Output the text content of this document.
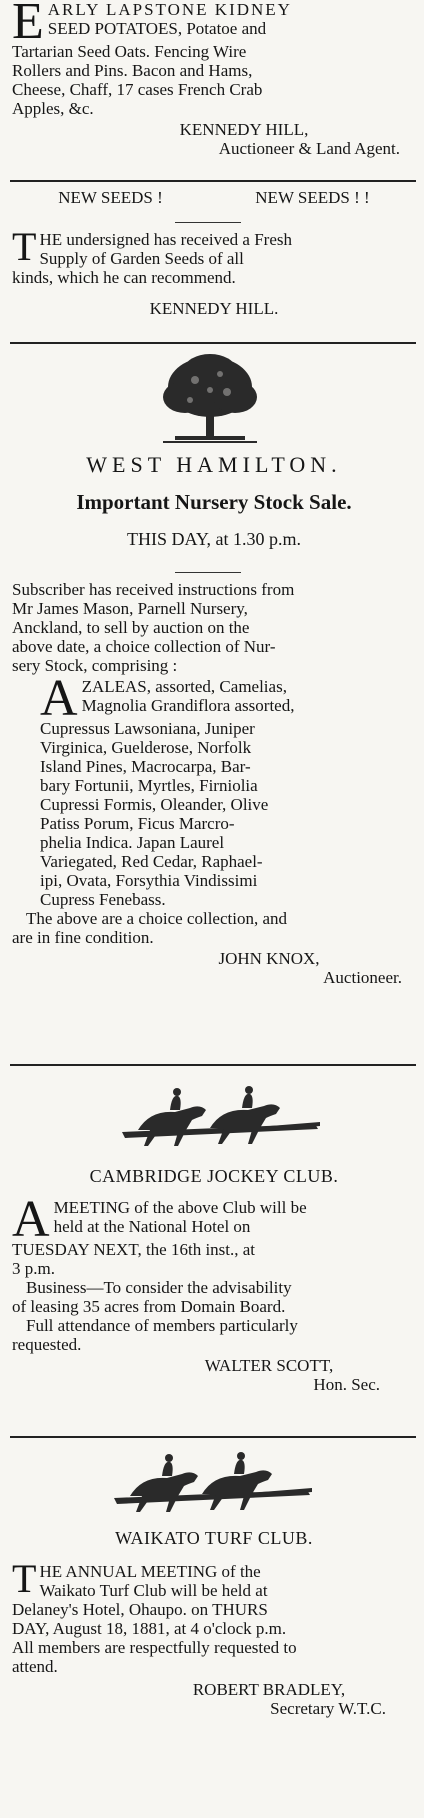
E ARLY LAPSTONE KIDNEY

SEED POTATOES, Potatoe and

Tartarian Seed Oats. Fencing Wire

Rollers and Pins. Bacon and Hams,

Cheese, Chaff, 17 cases French Crab

Apples, &c.

KENNEDY HILL,

Auctioneer & Land Agent.

NEW SEEDS !	NEW SEEDS ! !
T HE undersigned has received a Fresh

Supply of Garden Seeds of all

kinds, which he can recommend.

KENNEDY HILL.

WEST HAMILTON.

Important Nursery Stock Sale.

THIS DAY, at 1.30 p.m.

Subscriber has received instructions from

Mr James Mason, Parnell Nursery,

Anckland, to sell by auction on the

above date, a choice collection of Nur-

sery Stock, comprising :

A ZALEAS, assorted, Camelias,

Magnolia Grandiflora assorted,

Cupressus Lawsoniana, Juniper

Virginica, Guelderose, Norfolk

Island Pines, Macrocarpa, Bar-

bary Fortunii, Myrtles, Firniolia

Cupressi Formis, Oleander, Olive

Patiss Porum, Ficus Marcro-

phelia Indica. Japan Laurel

Variegated, Red Cedar, Raphael-

ipi, Ovata, Forsythia Vindissimi

Cupress Fenebass.

The above are a choice collection, and

are in fine condition.

JOHN KNOX,

Auctioneer.

CAMBRIDGE JOCKEY CLUB.

A MEETING of the above Club will be

held at the National Hotel on

TUESDAY NEXT, the 16th inst., at

3 p.m.

Business—To consider the advisability

of leasing 35 acres from Domain Board.

Full attendance of members particularly

requested.

WALTER SCOTT,

Hon. Sec.

WAIKATO TURF CLUB.

T HE ANNUAL MEETING of the

Waikato Turf Club will be held at

Delaney's Hotel, Ohaupo. on THURS

DAY, August 18, 1881, at 4 o'clock p.m.

All members are respectfully requested to

attend.

ROBERT BRADLEY,

Secretary W.T.C.
